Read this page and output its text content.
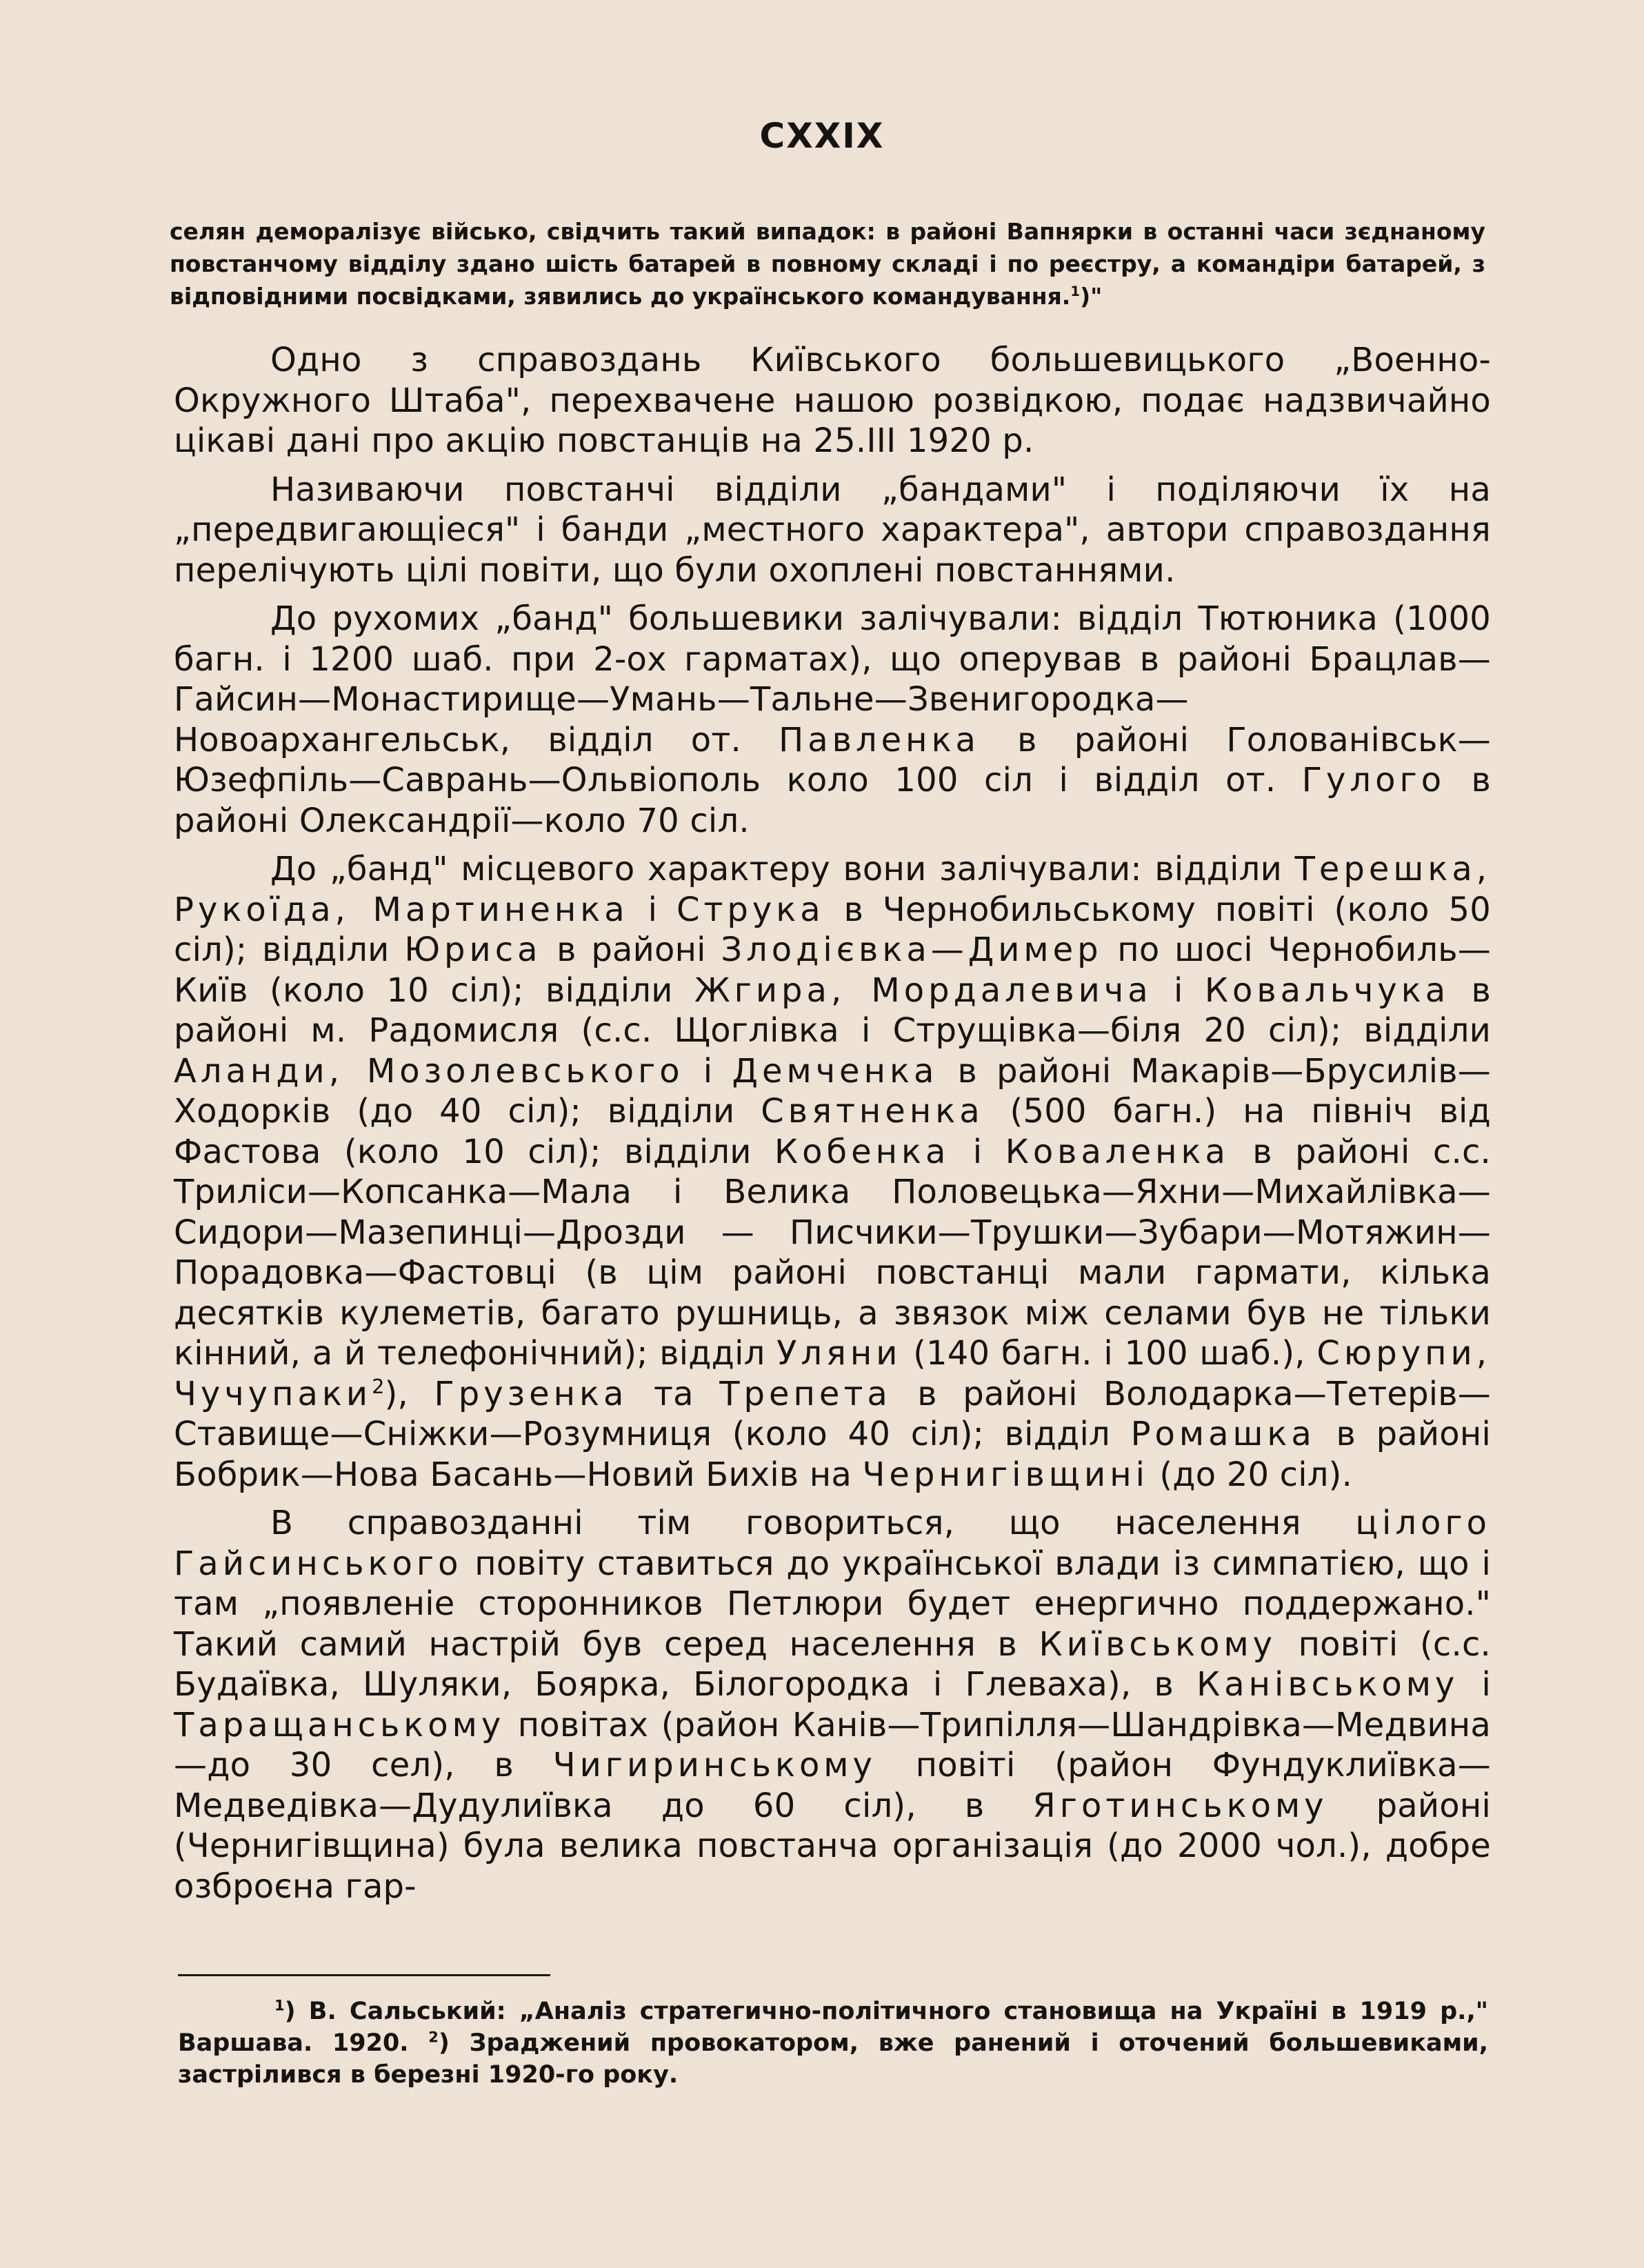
CXXIX

селян деморалізує військо, свідчить такий випадок: в районі Вапнярки в останні часи зєднаному повстанчому відділу здано шість батарей в повному складі і по реєстру, а командіри батарей, з відповідними посвідками, зявились до українського командування.$^1$)"

Одно з справоздань Київського большевицького „Военно-Окружного Штаба", перехвачене нашою розвідкою, подає надзвичайно цікаві дані про акцію повстанців на 25.III 1920 р.

Називаючи повстанчі відділи „бандами" і поділяючи їх на „передвигающіеся" і банди „местного характера", автори справоздання перелічують цілі повіти, що були охоплені повстаннями.

До рухомих „банд" большевики залічували: відділ Тютюника (1000 багн. і 1200 шаб. при 2-ох гарматах), що оперував в районі Брацлав—Гайсин—Монастирище—Умань—Тальне—Звенигородка—Новоархангельськ, відділ от. Павленка в районі Голованівськ—Юзефпіль—Саврань—Ольвіополь коло 100 сіл і відділ от. Гулого в районі Олександрії—коло 70 сіл.

До „банд" місцевого характеру вони залічували: відділи Терешка, Рукоїда, Мартиненка і Струка в Чернобильському повіті (коло 50 сіл); відділи Юриса в районі Злодієвка—Димер по шосі Чернобиль—Київ (коло 10 сіл); відділи Жгира, Мордалевича і Ковальчука в районі м. Радомисля (с.с. Щоглівка і Струщівка—біля 20 сіл); відділи Аланди, Мозолевського і Демченка в районі Макарів—Брусилів—Ходорків (до 40 сіл); відділи Святненка (500 багн.) на північ від Фастова (коло 10 сіл); відділи Кобенка і Коваленка в районі с.с. Триліси—Копсанка—Мала і Велика Половецька—Яхни—Михайлівка—Сидори—Мазепинці—Дрозди — Писчики—Трушки—Зубари—Мотяжин—Порадовка—Фастовці (в цім районі повстанці мали гармати, кілька десятків кулеметів, багато рушниць, а звязок між селами був не тільки кінний, а й телефонічний); відділ Уляни (140 багн. і 100 шаб.), Сюрупи, Чучупаки$^2$), Грузенка та Трепета в районі Володарка—Тетерів—Ставище—Сніжки—Розумниця (коло 40 сіл); відділ Ромашка в районі Бобрик—Нова Басань—Новий Бихів на Чернигівщині (до 20 сіл).

В справозданні тім говориться, що населення цілого Гайсинського повіту ставиться до української влади із симпатією, що і там „появленіе сторонников Петлюри будет енергично поддержано." Такий самий настрій був серед населення в Київському повіті (с.с. Будаївка, Шуляки, Боярка, Білогородка і Глеваха), в Канівському і Таращанському повітах (район Канів—Трипілля—Шандрівка—Медвина—до 30 сел), в Чигиринському повіті (район Фундуклиївка—Медведівка—Дудулиївка до 60 сіл), в Яготинському районі (Чернигівщина) була велика повстанча організація (до 2000 чол.), добре озброєна гар-

$^1$) В. Сальський: „Аналіз стратегично-політичного становища на Україні в 1919 р.," Варшава. 1920. $^2$) Зраджений провокатором, вже ранений і оточений большевиками, застрілився в березні 1920-го року.
